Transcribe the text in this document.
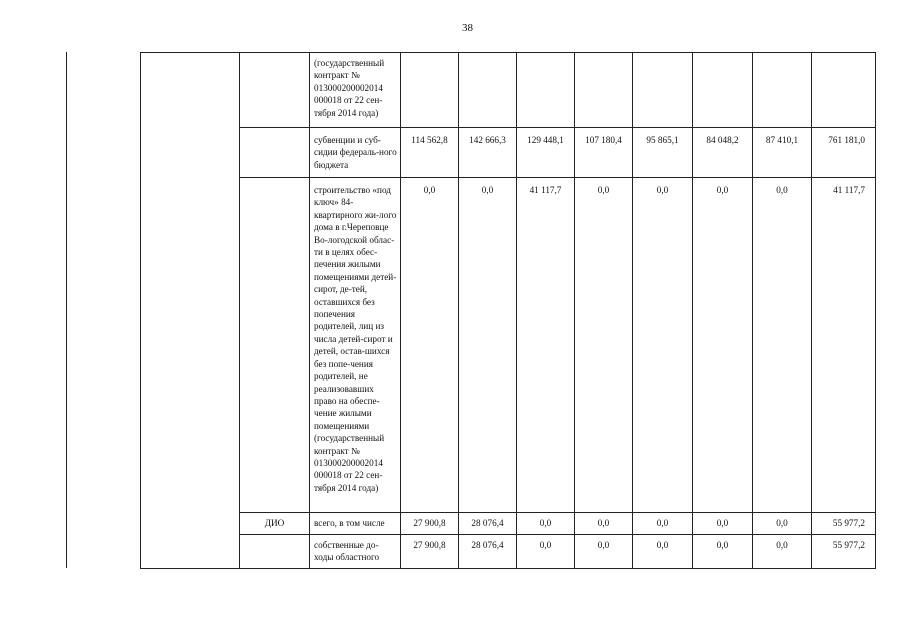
38
		(государственный контракт № 013000200002014 000018 от 22 сен-тября 2014 года)								
		субвенции и суб-сидии федераль-ного бюджета	114 562,8	142 666,3	129 448,1	107 180,4	95 865,1	84 048,2	87 410,1	761 181,0
		строительство «под ключ» 84-квартирного жи-лого дома в г.Череповце Во-логодской облас-ти в целях обес-печения жилыми помещениями детей-сирот, де-тей, оставшихся без попечения родителей, лиц из числа детей-сирот и детей, остав-шихся без попе-чения родителей, не реализовавших право на обеспе-чение жилыми помещениями (государственный контракт № 013000200002014 000018 от 22 сен-тября 2014 года)	0,0	0,0	41 117,7	0,0	0,0	0,0	0,0	41 117,7
	ДИО	всего, в том числе	27 900,8	28 076,4	0,0	0,0	0,0	0,0	0,0	55 977,2
		собственные до-ходы областного	27 900,8	28 076,4	0,0	0,0	0,0	0,0	0,0	55 977,2
